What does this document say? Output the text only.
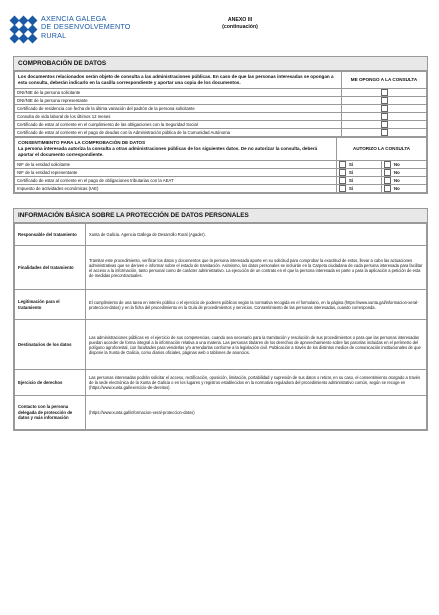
AXENCIA GALEGA
DE DESENVOLVEMENTO
RURAL
ANEXO III
(continuación)
COMPROBACIÓN DE DATOS
Los documentos relacionados serán objeto de consulta a las administraciones públicas. En caso de que las personas interesadas se opongan a esta consulta, deberán indicarlo en la casilla correspondiente y aportar una copia de los documentos.	ME OPONGO A LA CONSULTA
DNI/NIE de la persona solicitante	
DNI/NIE de la persona representante	
Certificado de residencia con fecha de la última variación del padrón de la persona solicitante	
Consulta de vida laboral de los últimos 12 meses	
Certificado de estar al corriente en el cumplimiento de las obligaciones con la Seguridad Social	
Certificado de estar al corriente en el pago de deudas con la Administración pública de la Comunidad Autónoma	
CONSENTIMIENTO PARA LA COMPROBACIÓN DE DATOS
La persona interesada autoriza la consulta a otras administraciones públicas de los siguientes datos. De no autorizar la consulta, deberá aportar el documento correspondiente.	AUTORIZO LA CONSULTA	
NIF de la entidad solicitante	Sí	No
NIF de la entidad representante	Sí	No
Certificado de estar al corriente en el pago de obligaciones tributarias con la AEAT	Sí	No
Impuesto de actividades económicas (IAE)	Sí	No
INFORMACIÓN BÁSICA SOBRE LA PROTECCIÓN DE DATOS PERSONALES
Responsable del tratamiento	Xunta de Galicia. Agencia Gallega de Desarrollo Rural (Agader).
Finalidades del tratamiento	Tramitar este procedimiento, verificar los datos y documentos que la persona interesada aporte en su solicitud para comprobar la exactitud de estos, llevar a cabo las actuaciones administrativas que se deriven e informar sobre el estado de tramitación. Asimismo, los datos personales se incluirán en la Carpeta ciudadana de cada persona interesada para facilitar el acceso a la información, tanto personal como de carácter administrativo. La ejecución de un contrato en el que la persona interesada es parte o para la aplicación a petición de esta de medidas precontractuales.
Legitimación para el tratamiento	El cumplimiento de una tarea en interés público o el ejercicio de poderes públicos según la normativa recogida en el formulario, en la página (https://www.xunta.gal/informacion-xeral-proteccion-datos) y en la ficha del procedimiento en la Guía de procedimientos y servicios. Consentimiento de las personas interesadas, cuando corresponda.
Destinatarios de los datos	Las administraciones públicas en el ejercicio de sus competencias, cuando sea necesario para la tramitación y resolución de sus procedimientos o para que las personas interesadas puedan acceder de forma integral a la información relativa a una materia. Las personas titulares de los derechos de aprovechamiento sobre las parcelas incluidas en el perímetro del polígono agroforestal, con facultades para venderlas y/o arrendarlas conforme a la legislación civil. Publicación a través de los distintos medios de comunicación institucionales de que dispone la Xunta de Galicia, como diarios oficiales, páginas web o tablones de anuncios.
Ejercicio de derechos	Las personas interesadas podrán solicitar el acceso, rectificación, oposición, limitación, portabilidad y supresión de sus datos o retirar, en su caso, el consentimiento otorgado a través de la sede electrónica de la Xunta de Galicia o en los lugares y registros establecidos en la normativa reguladora del procedimiento administrativo común, según se recoge en (https://www.xunta.gal/exercicio-de-dereitos)
Contacto con la persona delegada de protección de datos y más información	(https://www.xunta.gal/informacion-xeral-proteccion-datos)
